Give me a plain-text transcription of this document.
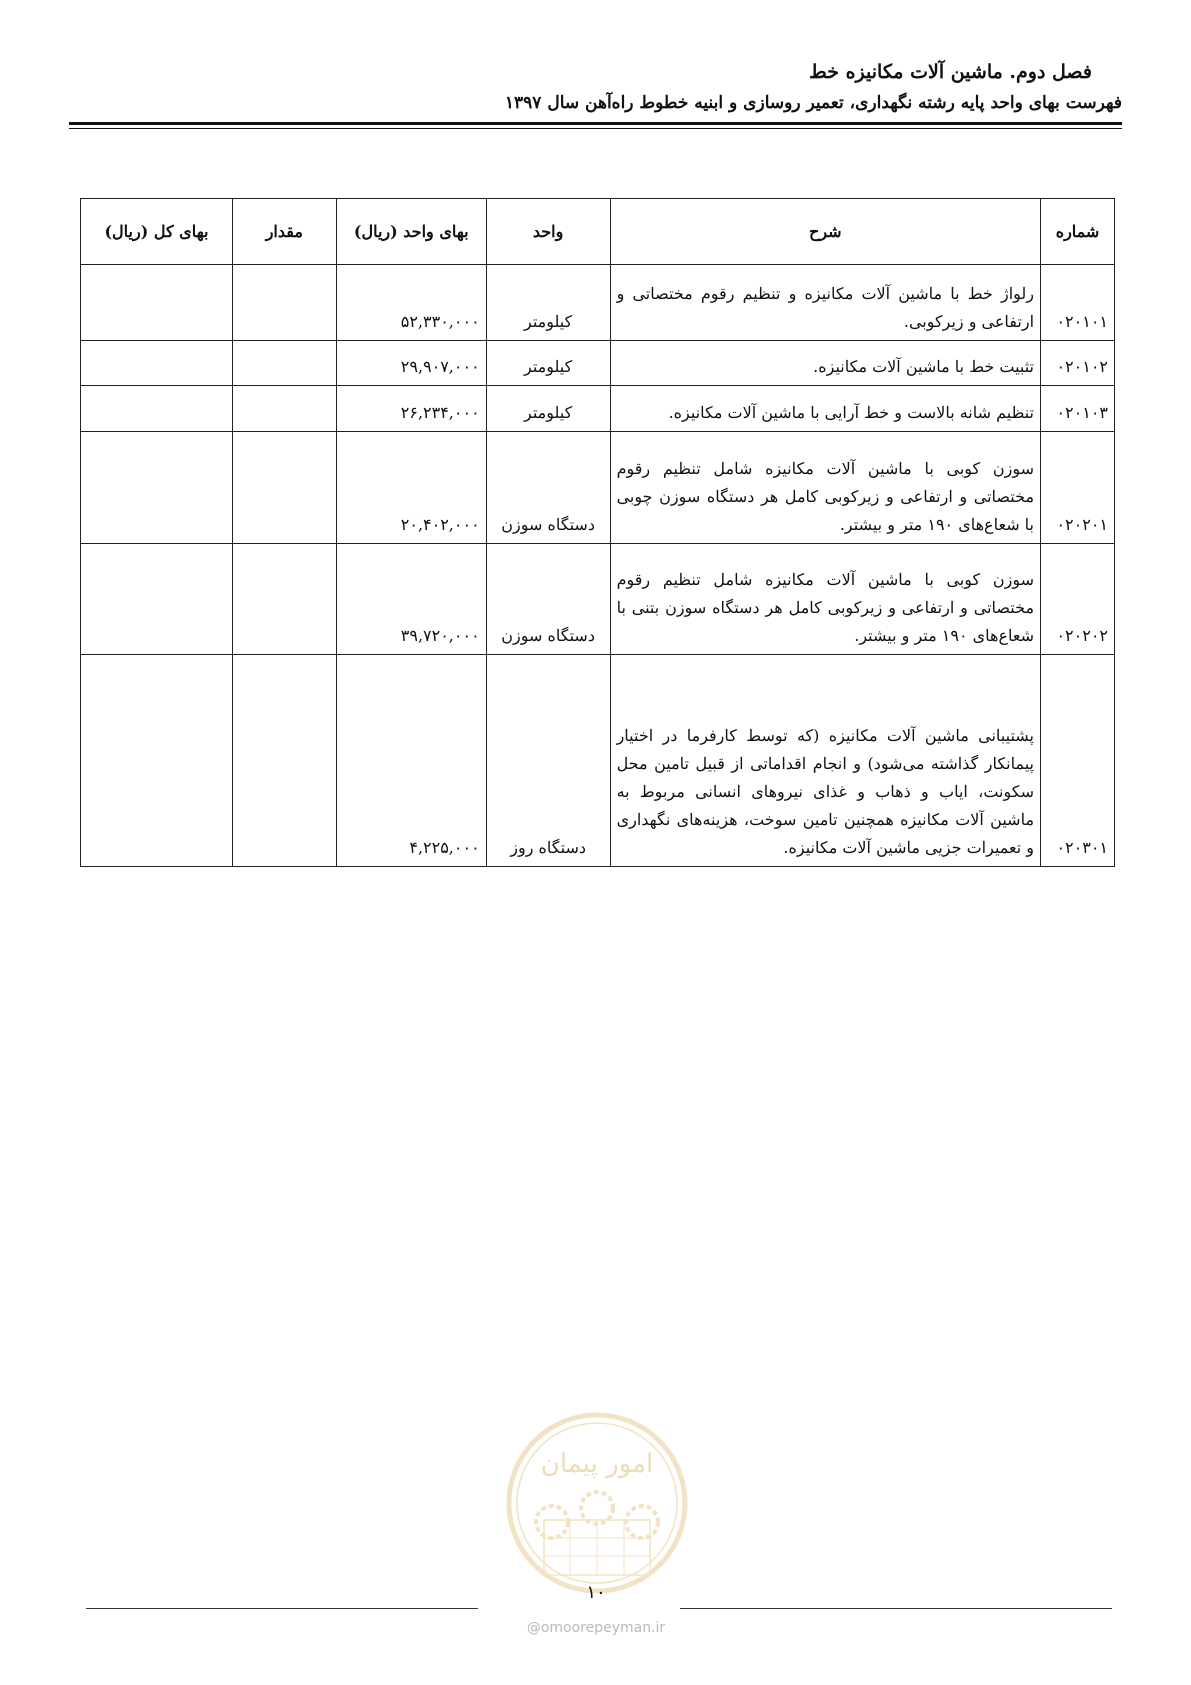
فصل دوم. ماشین آلات مکانیزه خط

فهرست بهای واحد پایه رشته نگهداری، تعمیر روسازی و ابنیه خطوط راه‌آهن سال ۱۳۹۷

شماره	شرح	واحد	بهای واحد (ریال)	مقدار	بهای کل (ریال)
۰۲۰۱۰۱	رلواژ خط با ماشین آلات مکانیزه و تنظیم رقوم مختصاتی و ارتفاعی و زیرکوبی.	کیلومتر	۵۲,۳۳۰,۰۰۰		
۰۲۰۱۰۲	تثبیت خط با ماشین آلات مکانیزه.	کیلومتر	۲۹,۹۰۷,۰۰۰		
۰۲۰۱۰۳	تنظیم شانه بالاست و خط آرایی با ماشین آلات مکانیزه.	کیلومتر	۲۶,۲۳۴,۰۰۰		
۰۲۰۲۰۱	سوزن کوبی با ماشین آلات مکانیزه شامل تنظیم رقوم مختصاتی و ارتفاعی و زیرکوبی کامل هر دستگاه سوزن چوبی با شعاع‌های ۱۹۰ متر و بیشتر.	دستگاه سوزن	۲۰,۴۰۲,۰۰۰		
۰۲۰۲۰۲	سوزن کوبی با ماشین آلات مکانیزه شامل تنظیم رقوم مختصاتی و ارتفاعی و زیرکوبی کامل هر دستگاه سوزن بتنی با شعاع‌های ۱۹۰ متر و بیشتر.	دستگاه سوزن	۳۹,۷۲۰,۰۰۰		
۰۲۰۳۰۱	پشتیبانی ماشین آلات مکانیزه (که توسط کارفرما در اختیار پیمانکار گذاشته می‌شود) و انجام اقداماتی از قبیل تامین محل سکونت، ایاب و ذهاب و غذای نیروهای انسانی مربوط به ماشین آلات مکانیزه همچنین تامین سوخت، هزینه‌های نگهداری و تعمیرات جزیی ماشین آلات مکانیزه.	دستگاه روز	۴,۲۲۵,۰۰۰		
امور پیمان
۱۰
@omoorepeyman.ir
